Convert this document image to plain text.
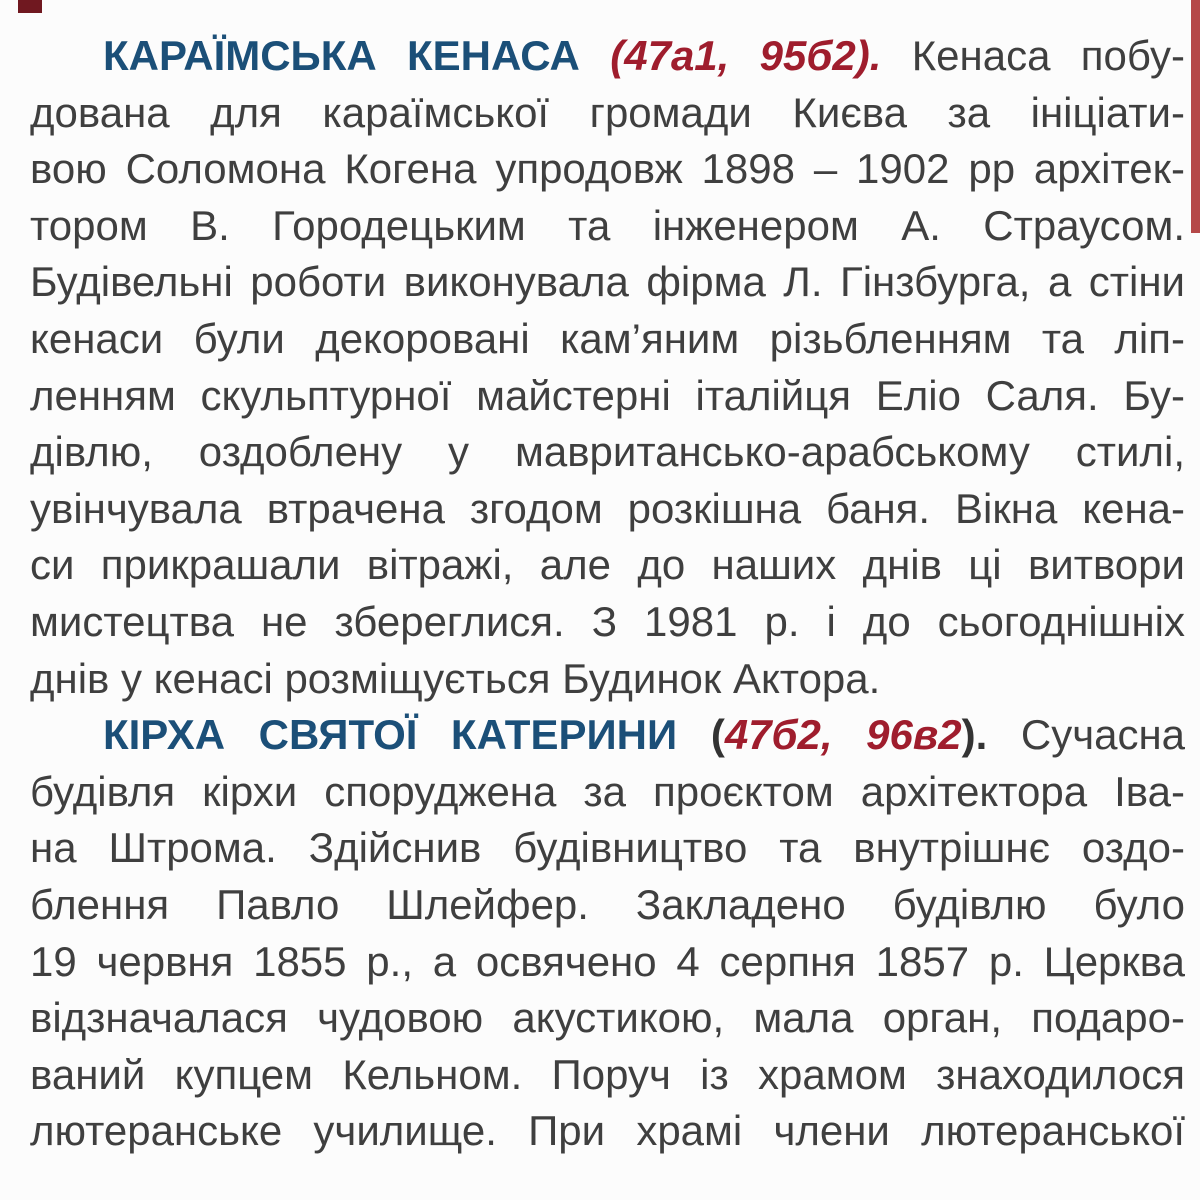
КАРАЇМСЬКА КЕНАСА (47а1, 95б2). Кенаса побу-
дована для караїмської громади Києва за ініціати-
вою Соломона Когена упродовж 1898 – 1902 рр архітек-
тором В. Городецьким та інженером А. Страусом.
Будівельні роботи виконувала фірма Л. Гінзбурга, а стіни
кенаси були декоровані кам’яним різьбленням та ліп-
ленням скульптурної майстерні італійця Еліо Саля. Бу-
дівлю, оздоблену у мавритансько-арабському стилі,
увінчувала втрачена згодом розкішна баня. Вікна кена-
си прикрашали вітражі, але до наших днів ці витвори
мистецтва не збереглися. З 1981 р. і до сьогоднішніх
днів у кенасі розміщується Будинок Актора.
КІРХА СВЯТОЇ КАТЕРИНИ (47б2, 96в2). Сучасна
будівля кірхи споруджена за проєктом архітектора Іва-
на Штрома. Здійснив будівництво та внутрішнє оздо-
блення Павло Шлейфер. Закладено будівлю було
19 червня 1855 р., а освячено 4 серпня 1857 р. Церква
відзначалася чудовою акустикою, мала орган, подаро-
ваний купцем Кельном. Поруч із храмом знаходилося
лютеранське училище. При храмі члени лютеранської
